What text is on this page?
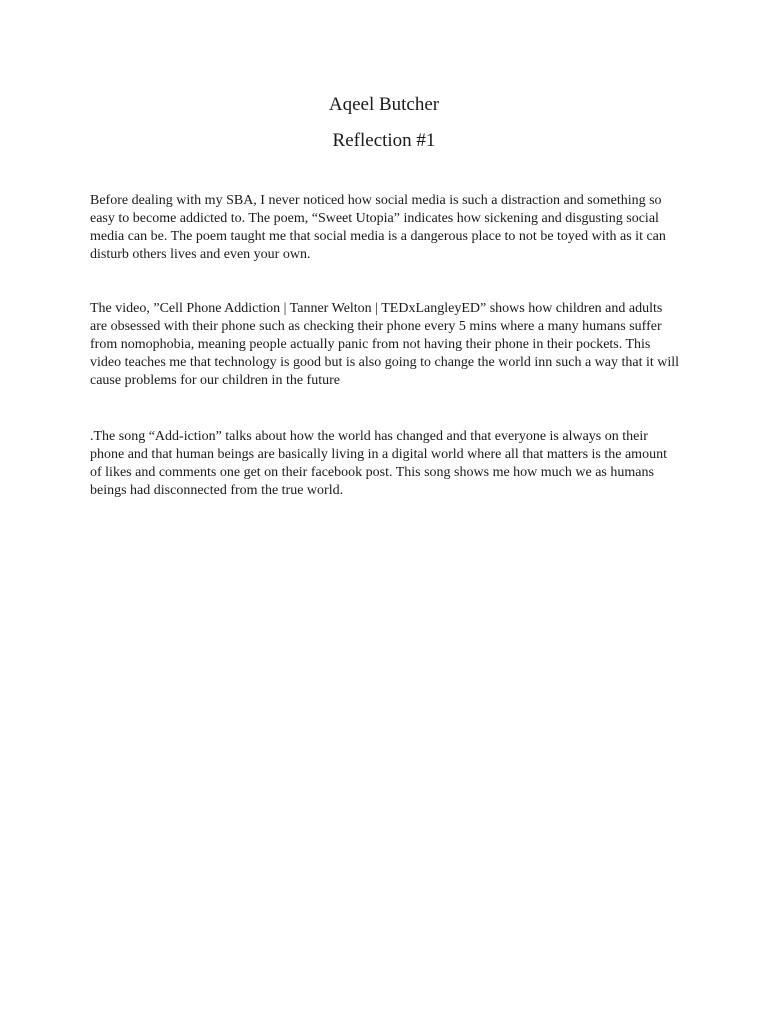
Aqeel Butcher
Reflection #1

Before dealing with my SBA, I never noticed how social media is such a distraction and something so easy to become addicted to. The poem, “Sweet Utopia” indicates how sickening and disgusting social media can be. The poem taught me that social media is a dangerous place to not be toyed with as it can disturb others lives and even your own.

The video, ”Cell Phone Addiction | Tanner Welton | TEDxLangleyED” shows how children and adults are obsessed with their phone such as checking their phone every 5 mins where a many humans suffer from nomophobia, meaning people actually panic from not having their phone in their pockets. This video teaches me that technology is good but is also going to change the world inn such a way that it will cause problems for our children in the future

.The song “Add-iction” talks about how the world has changed and that everyone is always on their phone and that human beings are basically living in a digital world where all that matters is the amount of likes and comments one get on their facebook post. This song shows me how much we as humans beings had disconnected from the true world.
